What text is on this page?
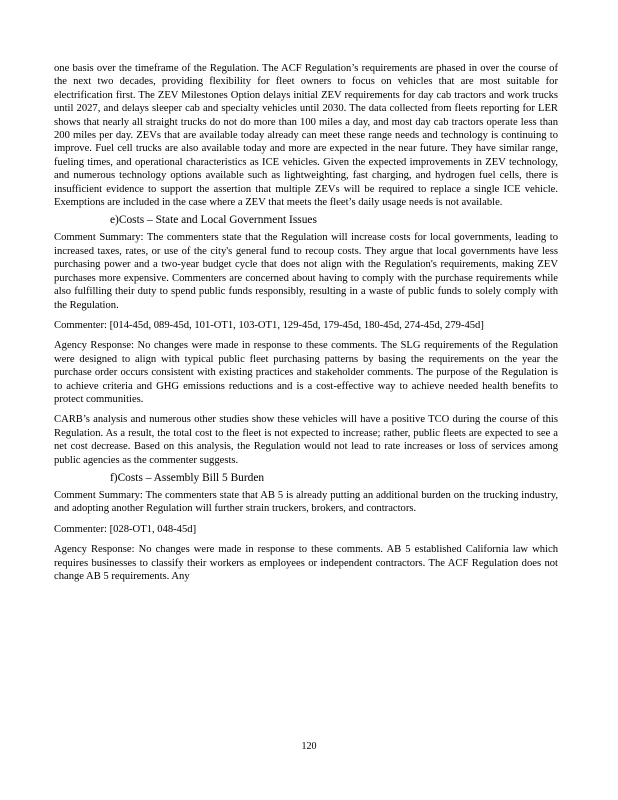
one basis over the timeframe of the Regulation. The ACF Regulation’s requirements are phased in over the course of the next two decades, providing flexibility for fleet owners to focus on vehicles that are most suitable for electrification first. The ZEV Milestones Option delays initial ZEV requirements for day cab tractors and work trucks until 2027, and delays sleeper cab and specialty vehicles until 2030. The data collected from fleets reporting for LER shows that nearly all straight trucks do not do more than 100 miles a day, and most day cab tractors operate less than 200 miles per day. ZEVs that are available today already can meet these range needs and technology is continuing to improve. Fuel cell trucks are also available today and more are expected in the near future. They have similar range, fueling times, and operational characteristics as ICE vehicles. Given the expected improvements in ZEV technology, and numerous technology options available such as lightweighting, fast charging, and hydrogen fuel cells, there is insufficient evidence to support the assertion that multiple ZEVs will be required to replace a single ICE vehicle. Exemptions are included in the case where a ZEV that meets the fleet’s daily usage needs is not available.

e)Costs – State and Local Government Issues

Comment Summary: The commenters state that the Regulation will increase costs for local governments, leading to increased taxes, rates, or use of the city's general fund to recoup costs. They argue that local governments have less purchasing power and a two-year budget cycle that does not align with the Regulation's requirements, making ZEV purchases more expensive. Commenters are concerned about having to comply with the purchase requirements while also fulfilling their duty to spend public funds responsibly, resulting in a waste of public funds to solely comply with the Regulation.

Commenter: [014-45d, 089-45d, 101-OT1, 103-OT1, 129-45d, 179-45d, 180-45d, 274-45d, 279-45d]

Agency Response: No changes were made in response to these comments. The SLG requirements of the Regulation were designed to align with typical public fleet purchasing patterns by basing the requirements on the year the purchase order occurs consistent with existing practices and stakeholder comments. The purpose of the Regulation is to achieve criteria and GHG emissions reductions and is a cost-effective way to achieve needed health benefits to protect communities.

CARB’s analysis and numerous other studies show these vehicles will have a positive TCO during the course of this Regulation. As a result, the total cost to the fleet is not expected to increase; rather, public fleets are expected to see a net cost decrease. Based on this analysis, the Regulation would not lead to rate increases or loss of services among public agencies as the commenter suggests.

f)Costs – Assembly Bill 5 Burden

Comment Summary: The commenters state that AB 5 is already putting an additional burden on the trucking industry, and adopting another Regulation will further strain truckers, brokers, and contractors.

Commenter: [028-OT1, 048-45d]

Agency Response: No changes were made in response to these comments. AB 5 established California law which requires businesses to classify their workers as employees or independent contractors. The ACF Regulation does not change AB 5 requirements. Any

120
